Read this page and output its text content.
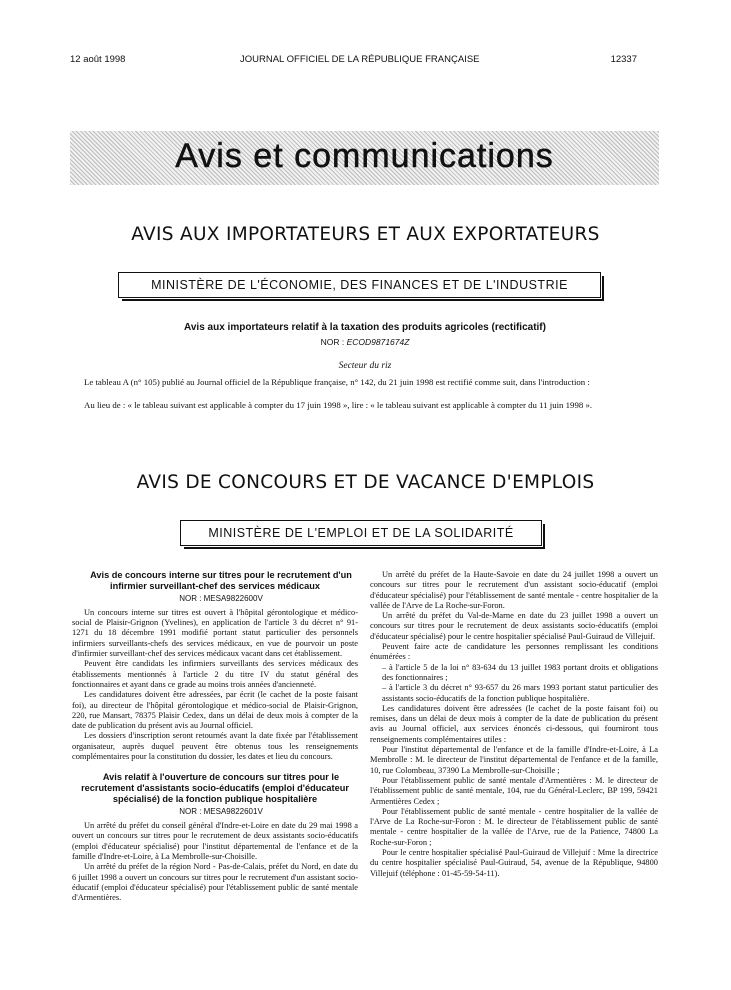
12 août 1998	JOURNAL OFFICIEL DE LA RÉPUBLIQUE FRANÇAISE	12337
Avis et communications
AVIS AUX IMPORTATEURS ET AUX EXPORTATEURS
MINISTÈRE DE L'ÉCONOMIE, DES FINANCES ET DE L'INDUSTRIE
Avis aux importateurs relatif à la taxation des produits agricoles (rectificatif)
NOR : ECOD9871674Z
Secteur du riz
Le tableau A (n° 105) publié au Journal officiel de la République française, n° 142, du 21 juin 1998 est rectifié comme suit, dans l'introduction :
Au lieu de : « le tableau suivant est applicable à compter du 17 juin 1998 », lire : « le tableau suivant est applicable à compter du 11 juin 1998 ».
AVIS DE CONCOURS ET DE VACANCE D'EMPLOIS
MINISTÈRE DE L'EMPLOI ET DE LA SOLIDARITÉ

Avis de concours interne sur titres pour le recrutement d'un infirmier surveillant-chef des services médicaux

NOR : MESA9822600V

Un concours interne sur titres est ouvert à l'hôpital gérontologique et médico-social de Plaisir-Grignon (Yvelines), en application de l'article 3 du décret n° 91-1271 du 18 décembre 1991 modifié portant statut particulier des personnels infirmiers surveillants-chefs des services médicaux, en vue de pourvoir un poste d'infirmier surveillant-chef des services médicaux vacant dans cet établissement.

Peuvent être candidats les infirmiers surveillants des services médicaux des établissements mentionnés à l'article 2 du titre IV du statut général des fonctionnaires et ayant dans ce grade au moins trois années d'ancienneté.

Les candidatures doivent être adressées, par écrit (le cachet de la poste faisant foi), au directeur de l'hôpital gérontologique et médico-social de Plaisir-Grignon, 220, rue Mansart, 78375 Plaisir Cedex, dans un délai de deux mois à compter de la date de publication du présent avis au Journal officiel.

Les dossiers d'inscription seront retournés avant la date fixée par l'établissement organisateur, auprès duquel peuvent être obtenus tous les renseignements complémentaires pour la constitution du dossier, les dates et lieu du concours.

Avis relatif à l'ouverture de concours sur titres pour le recrutement d'assistants socio-éducatifs (emploi d'éducateur spécialisé) de la fonction publique hospitalière

NOR : MESA9822601V

Un arrêté du préfet du conseil général d'Indre-et-Loire en date du 29 mai 1998 a ouvert un concours sur titres pour le recrutement de deux assistants socio-éducatifs (emploi d'éducateur spécialisé) pour l'institut départemental de l'enfance et de la famille d'Indre-et-Loire, à La Membrolle-sur-Choisille.

Un arrêté du préfet de la région Nord - Pas-de-Calais, préfet du Nord, en date du 6 juillet 1998 a ouvert un concours sur titres pour le recrutement d'un assistant socio-éducatif (emploi d'éducateur spécialisé) pour l'établissement public de santé mentale d'Armentières.

Un arrêté du préfet de la Haute-Savoie en date du 24 juillet 1998 a ouvert un concours sur titres pour le recrutement d'un assistant socio-éducatif (emploi d'éducateur spécialisé) pour l'établissement de santé mentale - centre hospitalier de la vallée de l'Arve de La Roche-sur-Foron.

Un arrêté du préfet du Val-de-Marne en date du 23 juillet 1998 a ouvert un concours sur titres pour le recrutement de deux assistants socio-éducatifs (emploi d'éducateur spécialisé) pour le centre hospitalier spécialisé Paul-Guiraud de Villejuif.

Peuvent faire acte de candidature les personnes remplissant les conditions énumérées :

– à l'article 5 de la loi n° 83-634 du 13 juillet 1983 portant droits et obligations des fonctionnaires ;

– à l'article 3 du décret n° 93-657 du 26 mars 1993 portant statut particulier des assistants socio-éducatifs de la fonction publique hospitalière.

Les candidatures doivent être adressées (le cachet de la poste faisant foi) ou remises, dans un délai de deux mois à compter de la date de publication du présent avis au Journal officiel, aux services énoncés ci-dessous, qui fourniront tous renseignements complémentaires utiles :

Pour l'institut départemental de l'enfance et de la famille d'Indre-et-Loire, à La Membrolle : M. le directeur de l'institut départemental de l'enfance et de la famille, 10, rue Colombeau, 37390 La Membrolle-sur-Choisille ;

Pour l'établissement public de santé mentale d'Armentières : M. le directeur de l'établissement public de santé mentale, 104, rue du Général-Leclerc, BP 199, 59421 Armentières Cedex ;

Pour l'établissement public de santé mentale - centre hospitalier de la vallée de l'Arve de La Roche-sur-Foron : M. le directeur de l'établissement public de santé mentale - centre hospitalier de la vallée de l'Arve, rue de la Patience, 74800 La Roche-sur-Foron ;

Pour le centre hospitalier spécialisé Paul-Guiraud de Villejuif : Mme la directrice du centre hospitalier spécialisé Paul-Guiraud, 54, avenue de la République, 94800 Villejuif (téléphone : 01-45-59-54-11).
